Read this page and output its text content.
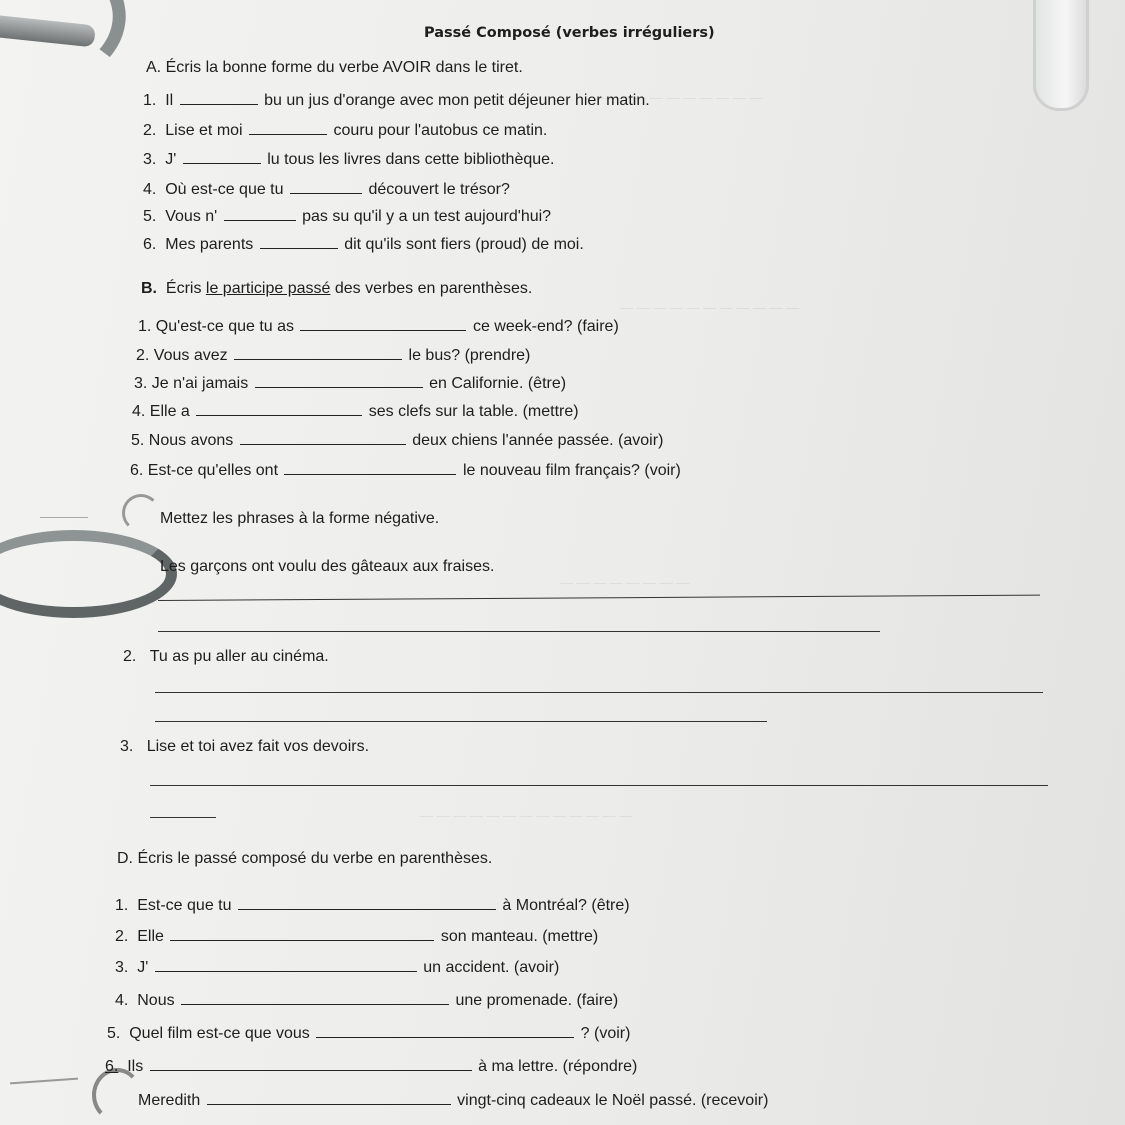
— — — — — — — — — —
— — — — — — — — — — —
— — — — — — — —
— — — — — — — — — — — — —
Passé Composé (verbes irréguliers)
A. Écris la bonne forme du verbe AVOIR dans le tiret.
1. Il	bu un jus d'orange avec mon petit déjeuner hier matin.
2. Lise et moi	couru pour l'autobus ce matin.
3. J'	lu tous les livres dans cette bibliothèque.
4. Où est-ce que tu	découvert le trésor?
5. Vous n'	pas su qu'il y a un test aujourd'hui?
6. Mes parents	dit qu'ils sont fiers (proud) de moi.
B. Écris le participe passé des verbes en parenthèses.
1. Qu'est-ce que tu as	ce week-end? (faire)
2. Vous avez	le bus? (prendre)
3. Je n'ai jamais	en Californie. (être)
4. Elle a	ses clefs sur la table. (mettre)
5. Nous avons	deux chiens l'année passée. (avoir)
6. Est-ce qu'elles ont	le nouveau film français? (voir)
Mettez les phrases à la forme négative.
Les garçons ont voulu des gâteaux aux fraises.
2. Tu as pu aller au cinéma.
3. Lise et toi avez fait vos devoirs.
D. Écris le passé composé du verbe en parenthèses.
1. Est-ce que tu	à Montréal? (être)
2. Elle	son manteau. (mettre)
3. J'	un accident. (avoir)
4. Nous	une promenade. (faire)
5. Quel film est-ce que vous	? (voir)
6. Ils	à ma lettre. (répondre)
Meredith	vingt-cinq cadeaux le Noël passé. (recevoir)
